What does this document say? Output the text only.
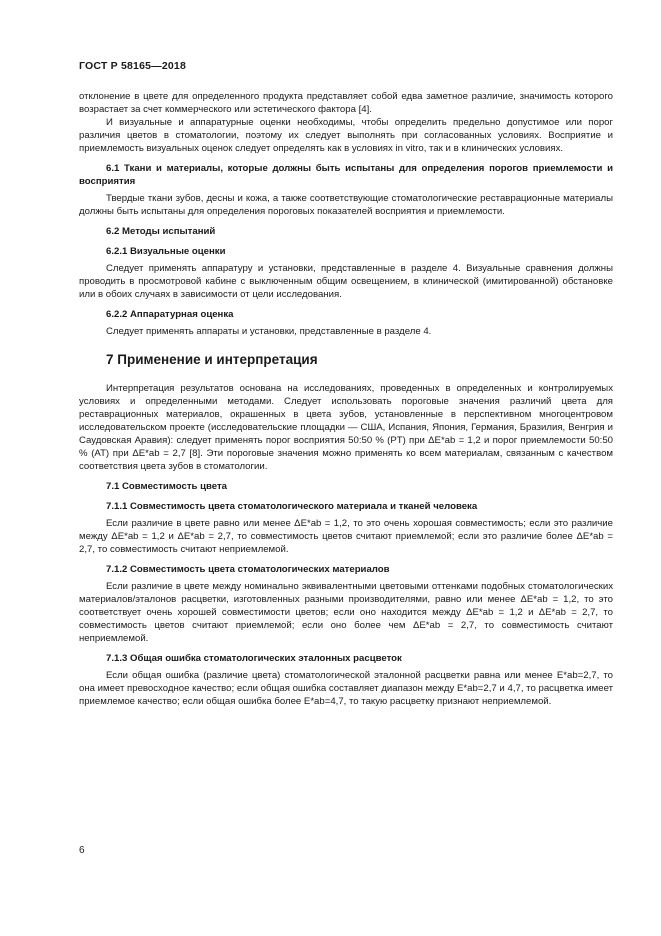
ГОСТ Р 58165—2018

отклонение в цвете для определенного продукта представляет собой едва заметное различие, значимость которого возрастает за счет коммерческого или эстетического фактора [4].

И визуальные и аппаратурные оценки необходимы, чтобы определить предельно допустимое или порог различия цветов в стоматологии, поэтому их следует выполнять при согласованных условиях. Восприятие и приемлемость визуальных оценок следует определять как в условиях in vitro, так и в клинических условиях.

6.1 Ткани и материалы, которые должны быть испытаны для определения порогов приемлемости и восприятия

Твердые ткани зубов, десны и кожа, а также соответствующие стоматологические реставрационные материалы должны быть испытаны для определения пороговых показателей восприятия и приемлемости.

6.2 Методы испытаний
6.2.1 Визуальные оценки

Следует применять аппаратуру и установки, представленные в разделе 4. Визуальные сравнения должны проводить в просмотровой кабине с выключенным общим освещением, в клинической (имитированной) обстановке или в обоих случаях в зависимости от цели исследования.

6.2.2 Аппаратурная оценка

Следует применять аппараты и установки, представленные в разделе 4.

7 Применение и интерпретация

Интерпретация результатов основана на исследованиях, проведенных в определенных и контролируемых условиях и определенными методами. Следует использовать пороговые значения различий цвета для реставрационных материалов, окрашенных в цвета зубов, установленные в перспективном многоцентровом исследовательском проекте (исследовательские площадки — США, Испания, Япония, Германия, Бразилия, Венгрия и Саудовская Аравия): следует применять порог восприятия 50:50 % (PT) при ΔE*ab = 1,2 и порог приемлемости 50:50 % (AT) при ΔE*ab = 2,7 [8]. Эти пороговые значения можно применять ко всем материалам, связанным с качеством соответствия цвета зубов в стоматологии.

7.1 Совместимость цвета
7.1.1 Совместимость цвета стоматологического материала и тканей человека

Если различие в цвете равно или менее ΔE*ab = 1,2, то это очень хорошая совместимость; если это различие между ΔE*ab = 1,2 и ΔE*ab = 2,7, то совместимость цветов считают приемлемой; если это различие более ΔE*ab = 2,7, то совместимость считают неприемлемой.

7.1.2 Совместимость цвета стоматологических материалов

Если различие в цвете между номинально эквивалентными цветовыми оттенками подобных стоматологических материалов/эталонов расцветки, изготовленных разными производителями, равно или менее ΔE*ab = 1,2, то это соответствует очень хорошей совместимости цветов; если оно находится между ΔE*ab = 1,2 и ΔE*ab = 2,7, то совместимость цветов считают приемлемой; если оно более чем ΔE*ab = 2,7, то совместимость считают неприемлемой.

7.1.3 Общая ошибка стоматологических эталонных расцветок

Если общая ошибка (различие цвета) стоматологической эталонной расцветки равна или менее E*ab=2,7, то она имеет превосходное качество; если общая ошибка составляет диапазон между E*ab=2,7 и 4,7, то расцветка имеет приемлемое качество; если общая ошибка более E*ab=4,7, то такую расцветку признают неприемлемой.

6
